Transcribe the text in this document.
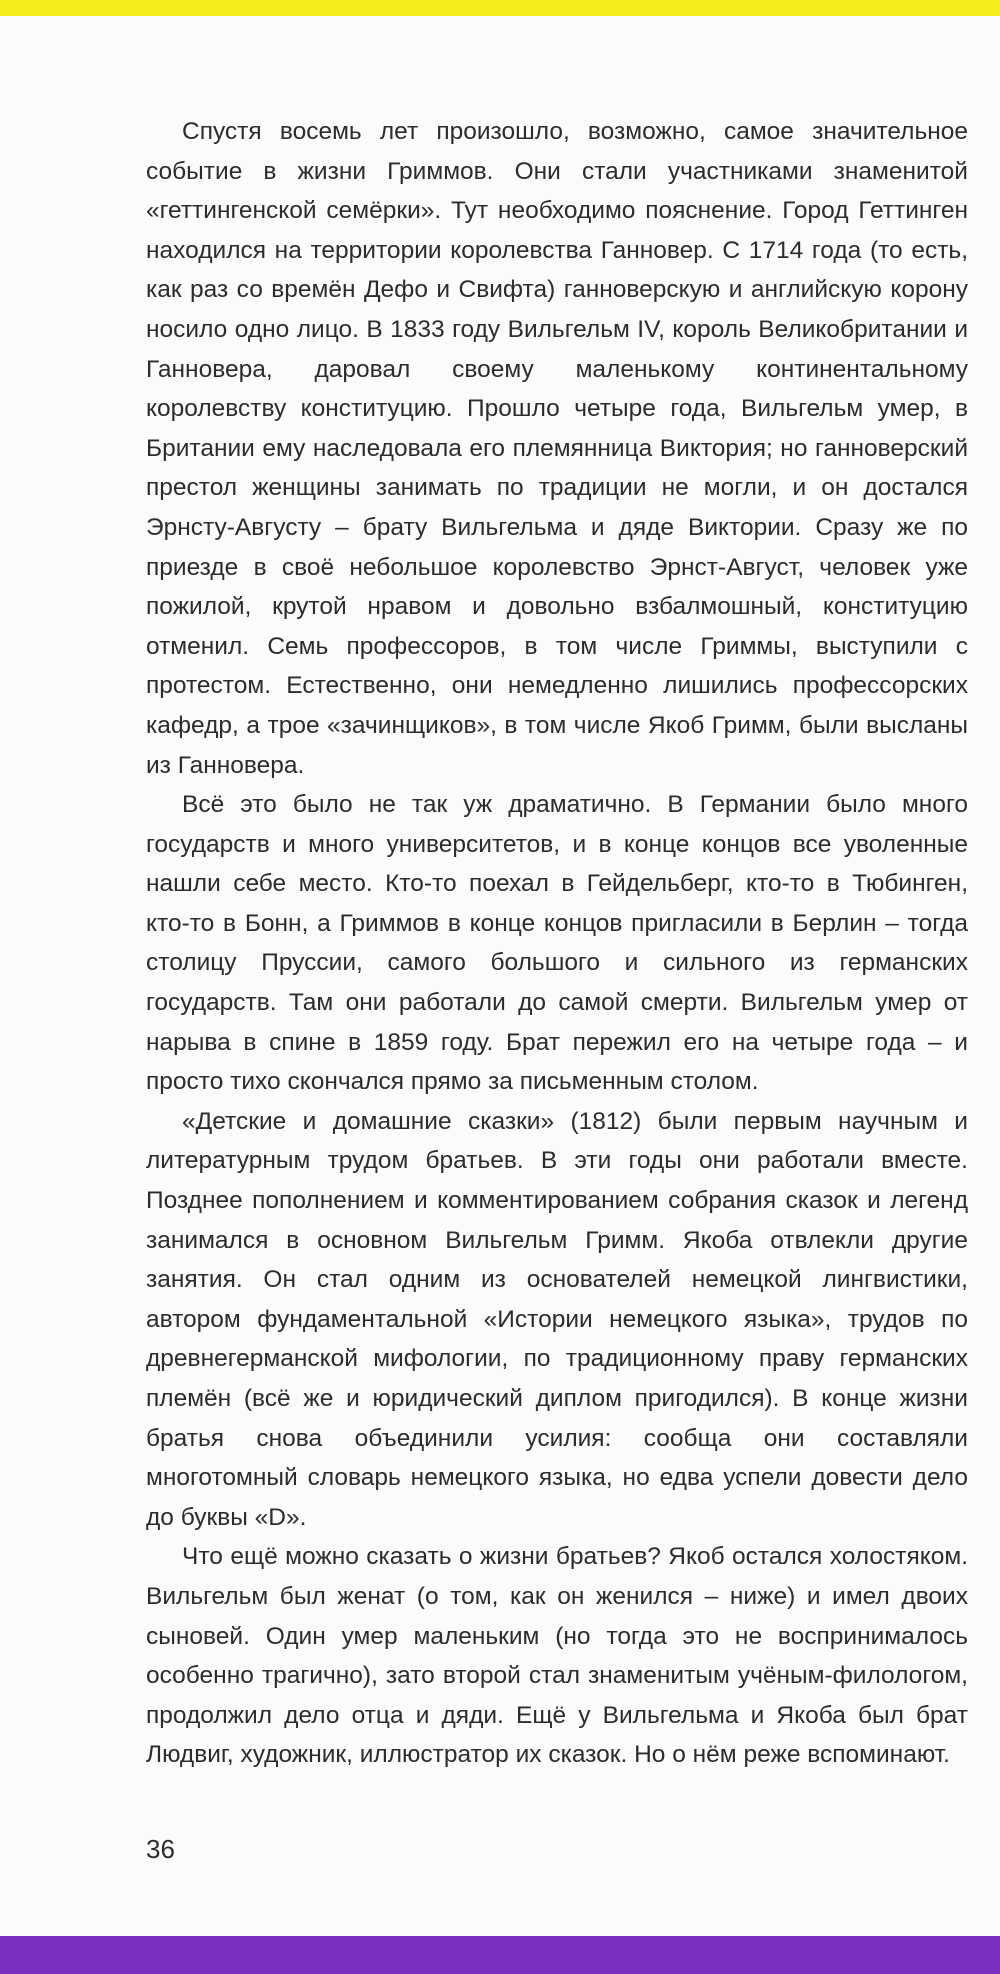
Спустя восемь лет произошло, возможно, самое значительное событие в жизни Гриммов. Они стали участниками знаменитой «геттингенской семёрки». Тут необходимо пояснение. Город Геттинген находился на территории королевства Ганновер. С 1714 года (то есть, как раз со времён Дефо и Свифта) ганноверскую и английскую корону носило одно лицо. В 1833 году Вильгельм IV, король Великобритании и Ганновера, даровал своему маленькому континентальному королевству конституцию. Прошло четыре года, Вильгельм умер, в Британии ему наследовала его племянница Виктория; но ганноверский престол женщины занимать по традиции не могли, и он достался Эрнсту-Августу – брату Вильгельма и дяде Виктории. Сразу же по приезде в своё небольшое королевство Эрнст-Август, человек уже пожилой, крутой нравом и довольно взбалмошный, конституцию отменил. Семь профессоров, в том числе Гриммы, выступили с протестом. Естественно, они немедленно лишились профессорских кафедр, а трое «зачинщиков», в том числе Якоб Гримм, были высланы из Ганновера.

Всё это было не так уж драматично. В Германии было много государств и много университетов, и в конце концов все уволенные нашли себе место. Кто-то поехал в Гейдельберг, кто-то в Тюбинген, кто-то в Бонн, а Гриммов в конце концов пригласили в Берлин – тогда столицу Пруссии, самого большого и сильного из германских государств. Там они работали до самой смерти. Вильгельм умер от нарыва в спине в 1859 году. Брат пережил его на четыре года – и просто тихо скончался прямо за письменным столом.

«Детские и домашние сказки» (1812) были первым научным и литературным трудом братьев. В эти годы они работали вместе. Позднее пополнением и комментированием собрания сказок и легенд занимался в основном Вильгельм Гримм. Якоба отвлекли другие занятия. Он стал одним из основателей немецкой лингвистики, автором фундаментальной «Истории немецкого языка», трудов по древнегерманской мифологии, по традиционному праву германских племён (всё же и юридический диплом пригодился). В конце жизни братья снова объединили усилия: сообща они составляли многотомный словарь немецкого языка, но едва успели довести дело до буквы «D».

Что ещё можно сказать о жизни братьев? Якоб остался холостяком. Вильгельм был женат (о том, как он женился – ниже) и имел двоих сыновей. Один умер маленьким (но тогда это не воспринималось особенно трагично), зато второй стал знаменитым учёным-филологом, продолжил дело отца и дяди. Ещё у Вильгельма и Якоба был брат Людвиг, художник, иллюстратор их сказок. Но о нём реже вспоминают.

36
